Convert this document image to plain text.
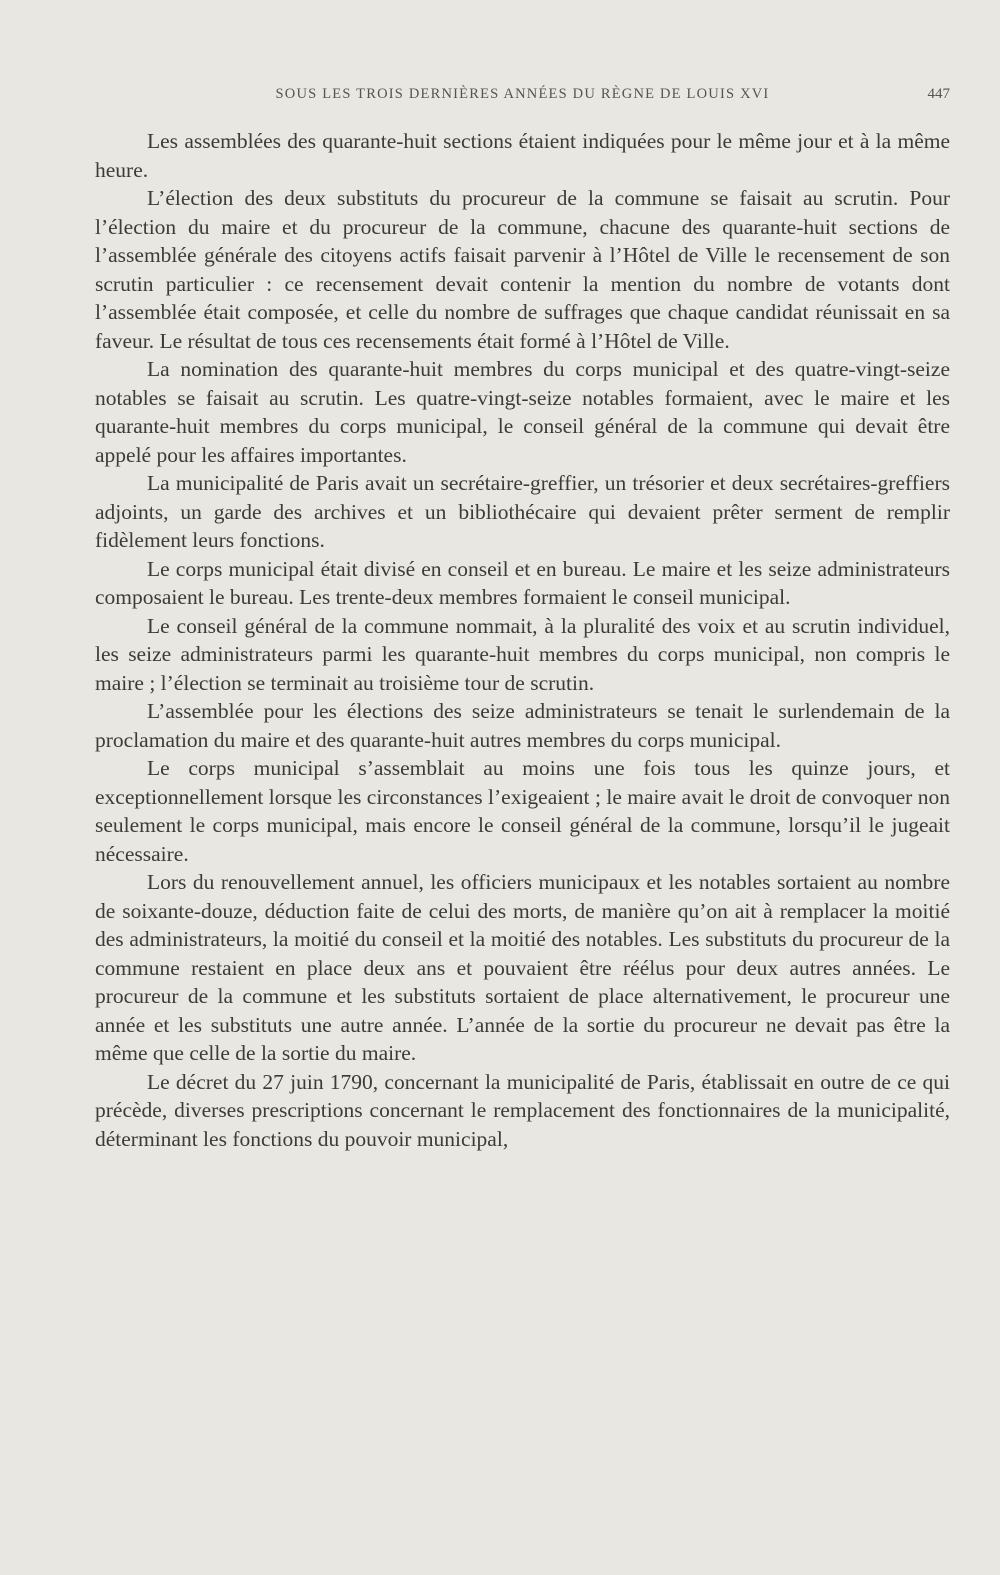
SOUS LES TROIS DERNIÈRES ANNÉES DU RÈGNE DE LOUIS XVI	447

Les assemblées des quarante-huit sections étaient indiquées pour le même jour et à la même heure.

L’élection des deux substituts du procureur de la commune se faisait au scrutin. Pour l’élection du maire et du procureur de la commune, chacune des quarante-huit sections de l’assemblée générale des citoyens actifs faisait parvenir à l’Hôtel de Ville le recensement de son scrutin particulier : ce recensement devait contenir la mention du nombre de votants dont l’assemblée était composée, et celle du nombre de suffrages que chaque candidat réunissait en sa faveur. Le résultat de tous ces recensements était formé à l’Hôtel de Ville.

La nomination des quarante-huit membres du corps municipal et des quatre-vingt-seize notables se faisait au scrutin. Les quatre-vingt-seize notables formaient, avec le maire et les quarante-huit membres du corps municipal, le conseil général de la commune qui devait être appelé pour les affaires importantes.

La municipalité de Paris avait un secrétaire-greffier, un trésorier et deux secrétaires-greffiers adjoints, un garde des archives et un bibliothécaire qui devaient prêter serment de remplir fidèlement leurs fonctions.

Le corps municipal était divisé en conseil et en bureau. Le maire et les seize administrateurs composaient le bureau. Les trente-deux membres formaient le conseil municipal.

Le conseil général de la commune nommait, à la pluralité des voix et au scrutin individuel, les seize administrateurs parmi les quarante-huit membres du corps municipal, non compris le maire ; l’élection se terminait au troisième tour de scrutin.

L’assemblée pour les élections des seize administrateurs se tenait le surlendemain de la proclamation du maire et des quarante-huit autres membres du corps municipal.

Le corps municipal s’assemblait au moins une fois tous les quinze jours, et exceptionnellement lorsque les circonstances l’exigeaient ; le maire avait le droit de convoquer non seulement le corps municipal, mais encore le conseil général de la commune, lorsqu’il le jugeait nécessaire.

Lors du renouvellement annuel, les officiers municipaux et les notables sortaient au nombre de soixante-douze, déduction faite de celui des morts, de manière qu’on ait à remplacer la moitié des administrateurs, la moitié du conseil et la moitié des notables. Les substituts du procureur de la commune restaient en place deux ans et pouvaient être réélus pour deux autres années. Le procureur de la commune et les substituts sortaient de place alternativement, le procureur une année et les substituts une autre année. L’année de la sortie du procureur ne devait pas être la même que celle de la sortie du maire.

Le décret du 27 juin 1790, concernant la municipalité de Paris, établissait en outre de ce qui précède, diverses prescriptions concernant le remplacement des fonctionnaires de la municipalité, déterminant les fonctions du pouvoir municipal,
